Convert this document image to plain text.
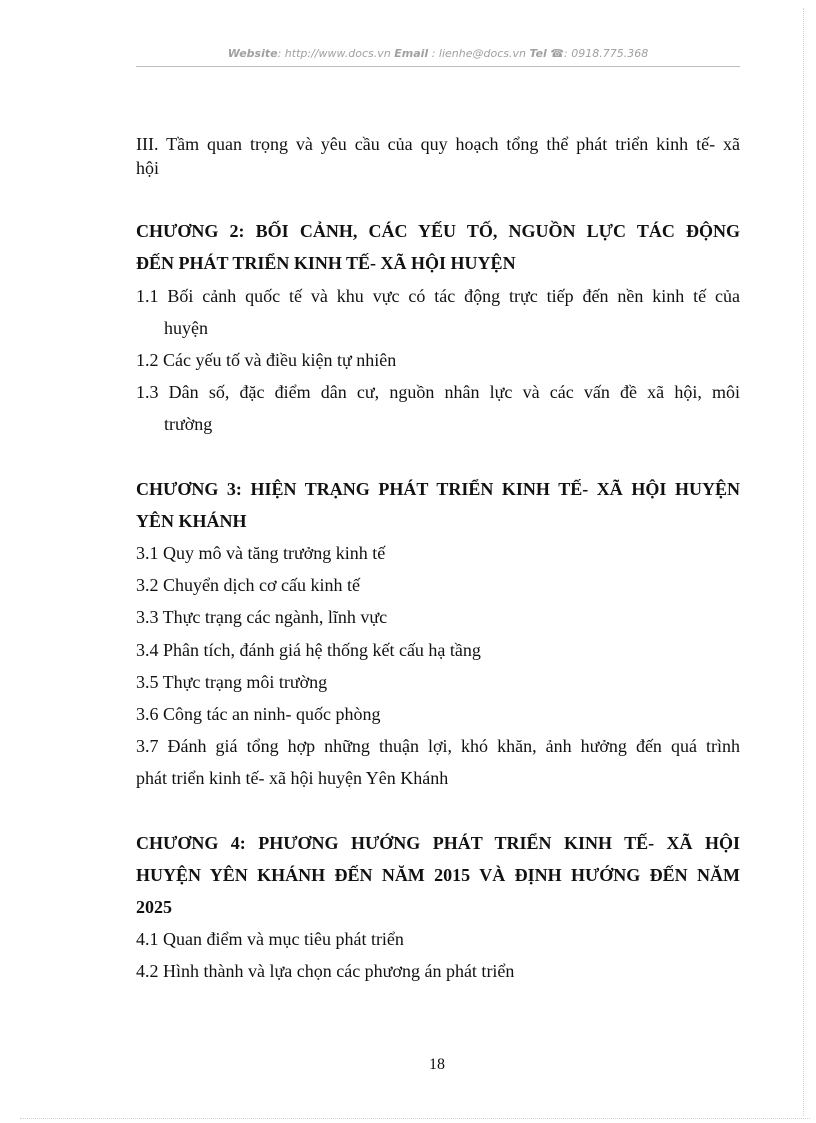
Website: http://www.docs.vn Email : lienhe@docs.vn Tel ☎: 0918.775.368
III. Tầm quan trọng và yêu cầu của quy hoạch tổng thể phát triển kinh tế- xã
hội
CHƯƠNG 2: BỐI CẢNH, CÁC YẾU TỐ, NGUỒN LỰC TÁC ĐỘNG
ĐẾN PHÁT TRIỂN KINH TẾ- XÃ HỘI HUYỆN
1.1 Bối cảnh quốc tế và khu vực có tác động trực tiếp đến nền kinh tế của
huyện
1.2 Các yếu tố và điều kiện tự nhiên
1.3 Dân số, đặc điểm dân cư, nguồn nhân lực và các vấn đề xã hội, môi
trường
CHƯƠNG 3: HIỆN TRẠNG PHÁT TRIỂN KINH TẾ- XÃ HỘI HUYỆN
YÊN KHÁNH
3.1 Quy mô và tăng trưởng kinh tế
3.2 Chuyển dịch cơ cấu kinh tế
3.3 Thực trạng các ngành, lĩnh vực
3.4 Phân tích, đánh giá hệ thống kết cấu hạ tầng
3.5 Thực trạng môi trường
3.6 Công tác an ninh- quốc phòng
3.7 Đánh giá tổng hợp những thuận lợi, khó khăn, ảnh hưởng đến quá trình
phát triển kinh tế- xã hội huyện Yên Khánh
CHƯƠNG 4: PHƯƠNG HƯỚNG PHÁT TRIỂN KINH TẾ- XÃ HỘI
HUYỆN YÊN KHÁNH ĐẾN NĂM 2015 VÀ ĐỊNH HƯỚNG ĐẾN NĂM
2025
4.1 Quan điểm và mục tiêu phát triển
4.2 Hình thành và lựa chọn các phương án phát triển
18
